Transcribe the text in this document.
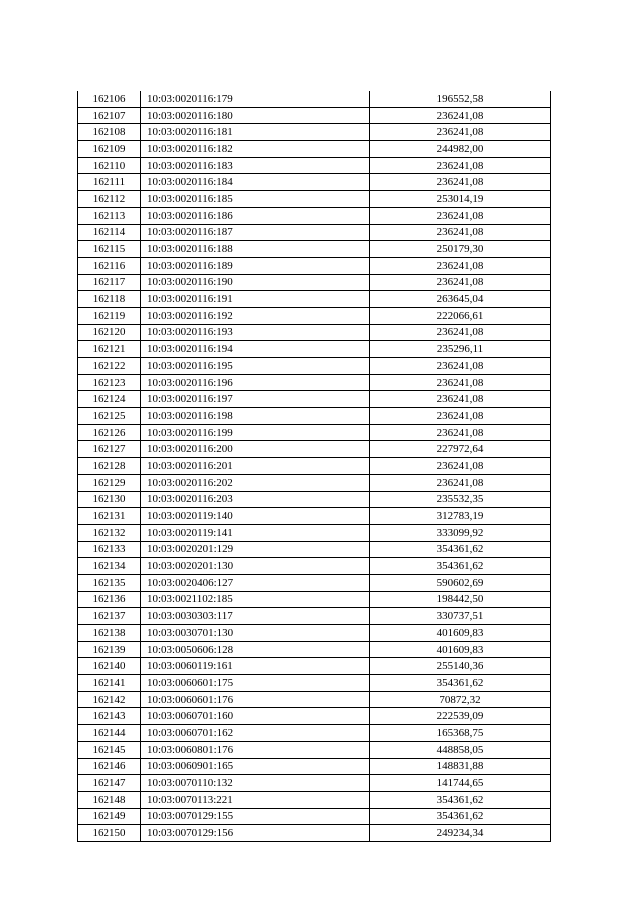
162106	10:03:0020116:179	196552,58
162107	10:03:0020116:180	236241,08
162108	10:03:0020116:181	236241,08
162109	10:03:0020116:182	244982,00
162110	10:03:0020116:183	236241,08
162111	10:03:0020116:184	236241,08
162112	10:03:0020116:185	253014,19
162113	10:03:0020116:186	236241,08
162114	10:03:0020116:187	236241,08
162115	10:03:0020116:188	250179,30
162116	10:03:0020116:189	236241,08
162117	10:03:0020116:190	236241,08
162118	10:03:0020116:191	263645,04
162119	10:03:0020116:192	222066,61
162120	10:03:0020116:193	236241,08
162121	10:03:0020116:194	235296,11
162122	10:03:0020116:195	236241,08
162123	10:03:0020116:196	236241,08
162124	10:03:0020116:197	236241,08
162125	10:03:0020116:198	236241,08
162126	10:03:0020116:199	236241,08
162127	10:03:0020116:200	227972,64
162128	10:03:0020116:201	236241,08
162129	10:03:0020116:202	236241,08
162130	10:03:0020116:203	235532,35
162131	10:03:0020119:140	312783,19
162132	10:03:0020119:141	333099,92
162133	10:03:0020201:129	354361,62
162134	10:03:0020201:130	354361,62
162135	10:03:0020406:127	590602,69
162136	10:03:0021102:185	198442,50
162137	10:03:0030303:117	330737,51
162138	10:03:0030701:130	401609,83
162139	10:03:0050606:128	401609,83
162140	10:03:0060119:161	255140,36
162141	10:03:0060601:175	354361,62
162142	10:03:0060601:176	70872,32
162143	10:03:0060701:160	222539,09
162144	10:03:0060701:162	165368,75
162145	10:03:0060801:176	448858,05
162146	10:03:0060901:165	148831,88
162147	10:03:0070110:132	141744,65
162148	10:03:0070113:221	354361,62
162149	10:03:0070129:155	354361,62
162150	10:03:0070129:156	249234,34
